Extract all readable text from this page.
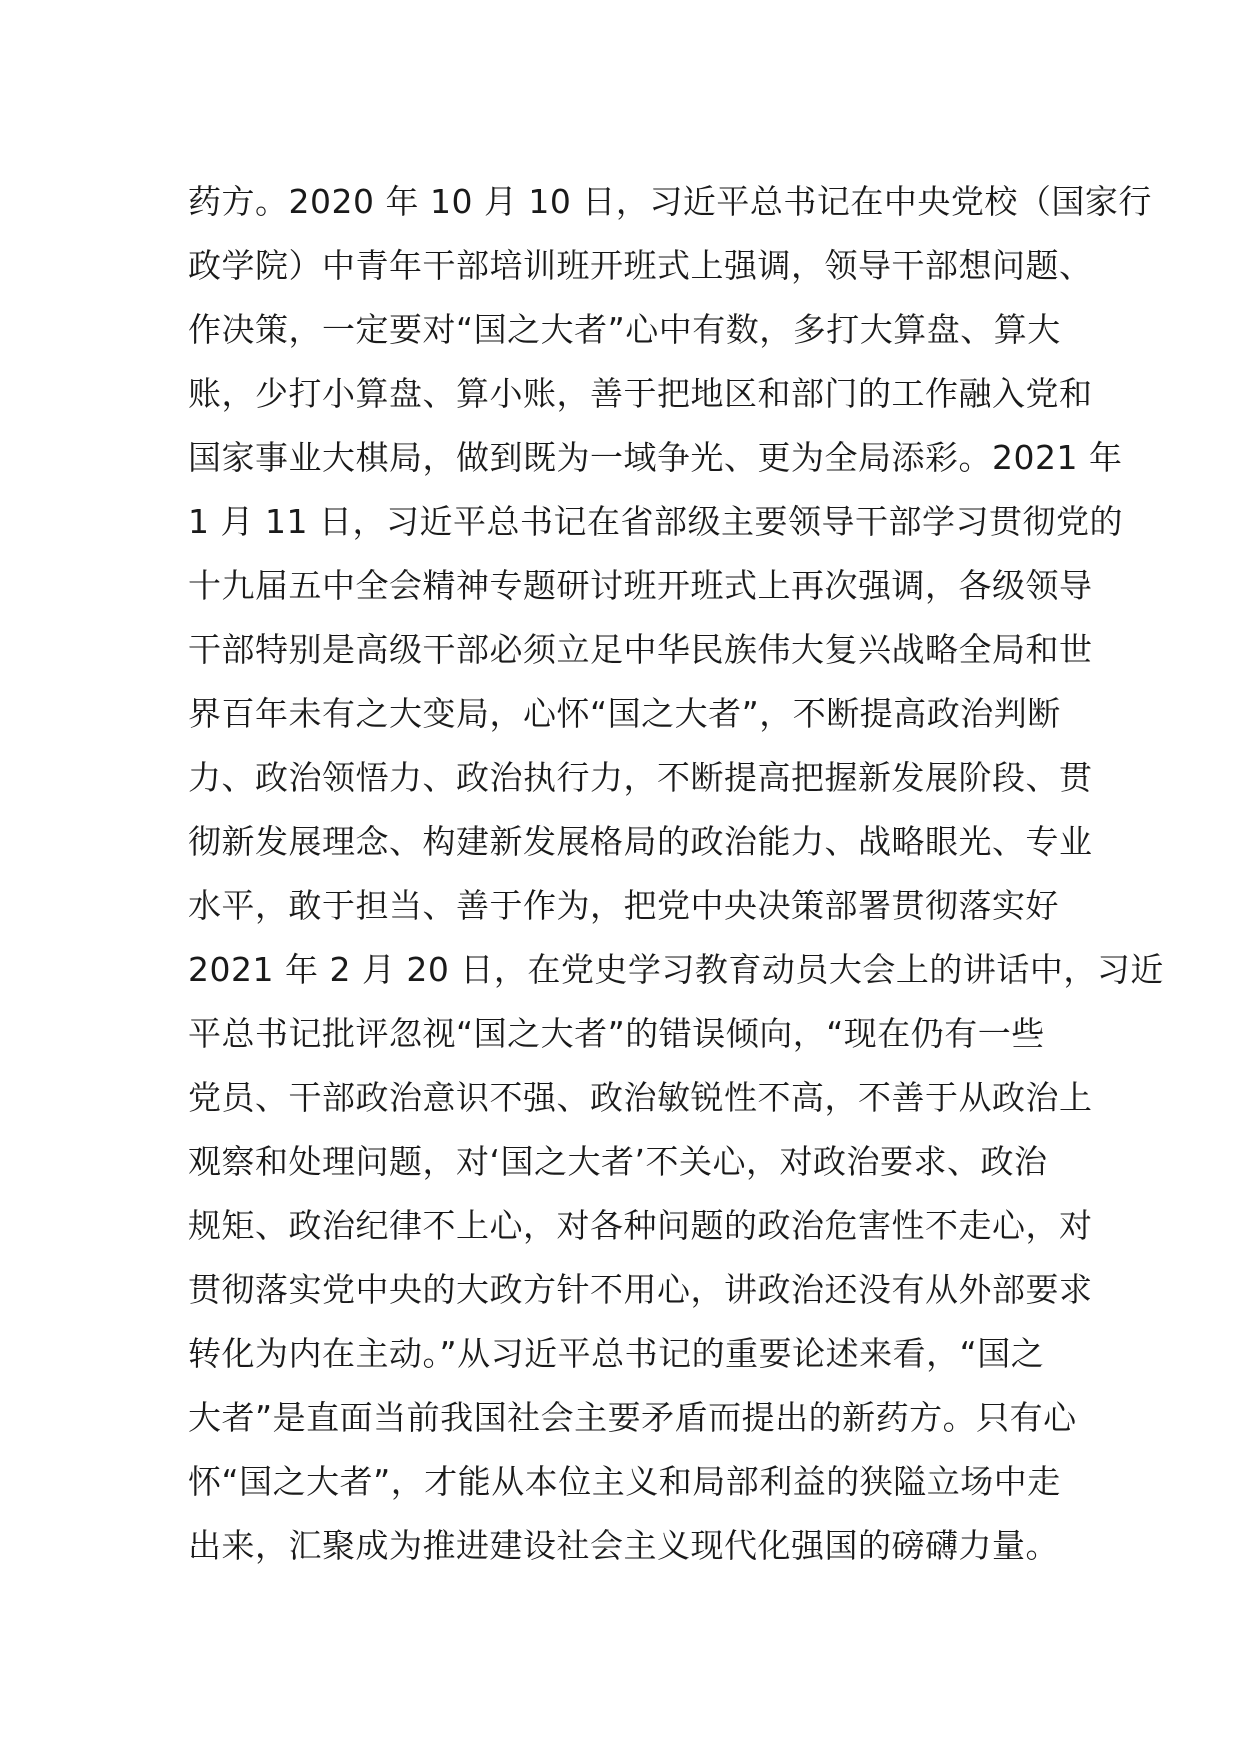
药方。2020 年 10 月 10 日，习近平总书记在中央党校（国家行
政学院）中青年干部培训班开班式上强调，领导干部想问题、
作决策，一定要对“国之大者”心中有数，多打大算盘、算大
账，少打小算盘、算小账，善于把地区和部门的工作融入党和
国家事业大棋局，做到既为一域争光、更为全局添彩。2021 年
1 月 11 日，习近平总书记在省部级主要领导干部学习贯彻党的
十九届五中全会精神专题研讨班开班式上再次强调，各级领导
干部特别是高级干部必须立足中华民族伟大复兴战略全局和世
界百年未有之大变局，心怀“国之大者”，不断提高政治判断
力、政治领悟力、政治执行力，不断提高把握新发展阶段、贯
彻新发展理念、构建新发展格局的政治能力、战略眼光、专业
水平，敢于担当、善于作为，把党中央决策部署贯彻落实好
2021 年 2 月 20 日，在党史学习教育动员大会上的讲话中，习近
平总书记批评忽视“国之大者”的错误倾向，“现在仍有一些
党员、干部政治意识不强、政治敏锐性不高，不善于从政治上
观察和处理问题，对‘国之大者’不关心，对政治要求、政治
规矩、政治纪律不上心，对各种问题的政治危害性不走心，对
贯彻落实党中央的大政方针不用心，讲政治还没有从外部要求
转化为内在主动。”从习近平总书记的重要论述来看，“国之
大者”是直面当前我国社会主要矛盾而提出的新药方。只有心
怀“国之大者”，才能从本位主义和局部利益的狭隘立场中走
出来，汇聚成为推进建设社会主义现代化强国的磅礴力量。
